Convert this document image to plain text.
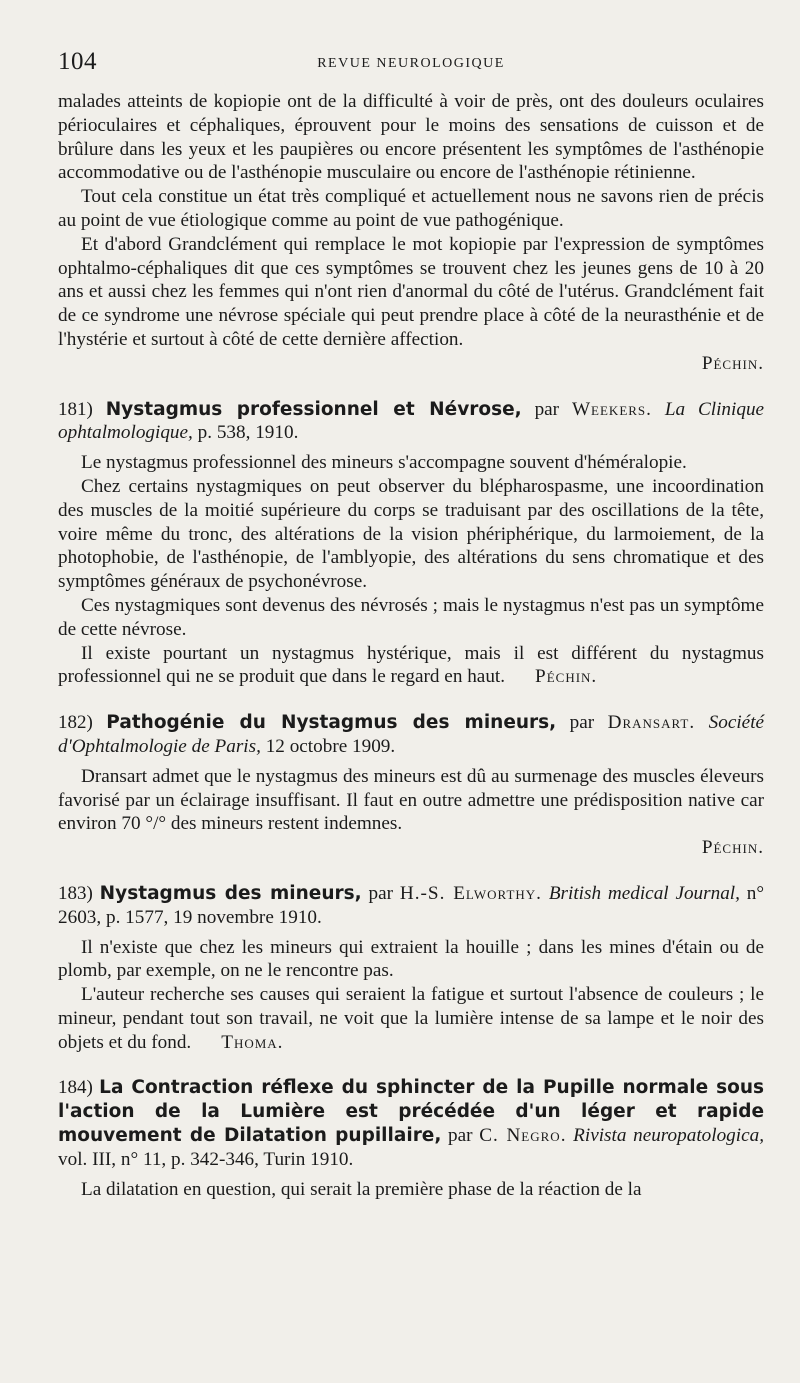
104	REVUE NEUROLOGIQUE

malades atteints de kopiopie ont de la difficulté à voir de près, ont des douleurs oculaires périoculaires et céphaliques, éprouvent pour le moins des sensations de cuisson et de brûlure dans les yeux et les paupières ou encore présentent les symptômes de l'asthénopie accommodative ou de l'asthénopie musculaire ou encore de l'asthénopie rétinienne.

Tout cela constitue un état très compliqué et actuellement nous ne savons rien de précis au point de vue étiologique comme au point de vue pathogénique.

Et d'abord Grandclément qui remplace le mot kopiopie par l'expression de symptômes ophtalmo-céphaliques dit que ces symptômes se trouvent chez les jeunes gens de 10 à 20 ans et aussi chez les femmes qui n'ont rien d'anormal du côté de l'utérus. Grandclément fait de ce syndrome une névrose spéciale qui peut prendre place à côté de la neurasthénie et de l'hystérie et surtout à côté de cette dernière affection.

Péchin.
181) Nystagmus professionnel et Névrose, par Weekers. La Clinique ophtalmologique, p. 538, 1910.

Le nystagmus professionnel des mineurs s'accompagne souvent d'héméralopie.

Chez certains nystagmiques on peut observer du blépharospasme, une incoordination des muscles de la moitié supérieure du corps se traduisant par des oscillations de la tête, voire même du tronc, des altérations de la vision phériphérique, du larmoiement, de la photophobie, de l'asthénopie, de l'amblyopie, des altérations du sens chromatique et des symptômes généraux de psychonévrose.

Ces nystagmiques sont devenus des névrosés ; mais le nystagmus n'est pas un symptôme de cette névrose.

Il existe pourtant un nystagmus hystérique, mais il est différent du nystagmus professionnel qui ne se produit que dans le regard en haut. Péchin.

182) Pathogénie du Nystagmus des mineurs, par Dransart. Société d'Ophtalmologie de Paris, 12 octobre 1909.

Dransart admet que le nystagmus des mineurs est dû au surmenage des muscles éleveurs favorisé par un éclairage insuffisant. Il faut en outre admettre une prédisposition native car environ 70 °/° des mineurs restent indemnes.

Péchin.
183) Nystagmus des mineurs, par H.-S. Elworthy. British medical Journal, n° 2603, p. 1577, 19 novembre 1910.

Il n'existe que chez les mineurs qui extraient la houille ; dans les mines d'étain ou de plomb, par exemple, on ne le rencontre pas.

L'auteur recherche ses causes qui seraient la fatigue et surtout l'absence de couleurs ; le mineur, pendant tout son travail, ne voit que la lumière intense de sa lampe et le noir des objets et du fond. Thoma.

184) La Contraction réflexe du sphincter de la Pupille normale sous l'action de la Lumière est précédée d'un léger et rapide mouvement de Dilatation pupillaire, par C. Negro. Rivista neuropatologica, vol. III, n° 11, p. 342-346, Turin 1910.

La dilatation en question, qui serait la première phase de la réaction de la
